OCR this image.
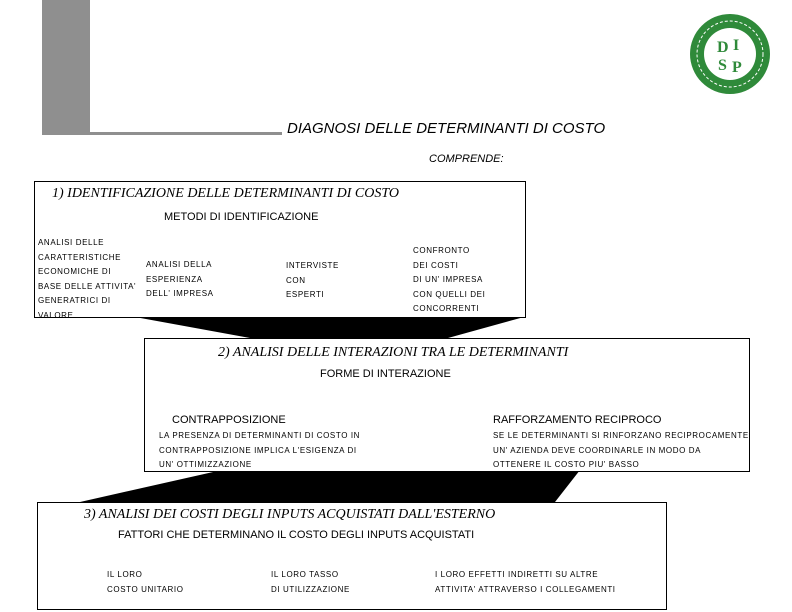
D I
S P
DIAGNOSI DELLE DETERMINANTI DI COSTO
COMPRENDE:
1) IDENTIFICAZIONE DELLE DETERMINANTI DI COSTO
METODI DI IDENTIFICAZIONE
ANALISI DELLE
CARATTERISTICHE
ECONOMICHE DI
BASE DELLE ATTIVITA'
GENERATRICI DI
VALORE
ANALISI DELLA
ESPERIENZA
DELL' IMPRESA
INTERVISTE
CON
ESPERTI
CONFRONTO
DEI COSTI
DI UN' IMPRESA
CON QUELLI DEI
CONCORRENTI
2) ANALISI DELLE INTERAZIONI TRA LE DETERMINANTI
FORME DI INTERAZIONE
CONTRAPPOSIZIONE
LA PRESENZA DI DETERMINANTI DI COSTO IN
CONTRAPPOSIZIONE IMPLICA L'ESIGENZA DI
UN' OTTIMIZZAZIONE
RAFFORZAMENTO RECIPROCO
SE LE DETERMINANTI SI RINFORZANO RECIPROCAMENTE
UN' AZIENDA DEVE COORDINARLE IN MODO DA
OTTENERE IL COSTO PIU' BASSO
3) ANALISI DEI COSTI DEGLI INPUTS ACQUISTATI DALL'ESTERNO
FATTORI CHE DETERMINANO IL COSTO DEGLI INPUTS ACQUISTATI
IL LORO
COSTO UNITARIO
IL LORO TASSO
DI UTILIZZAZIONE
I LORO EFFETTI INDIRETTI SU ALTRE
ATTIVITA' ATTRAVERSO I COLLEGAMENTI
